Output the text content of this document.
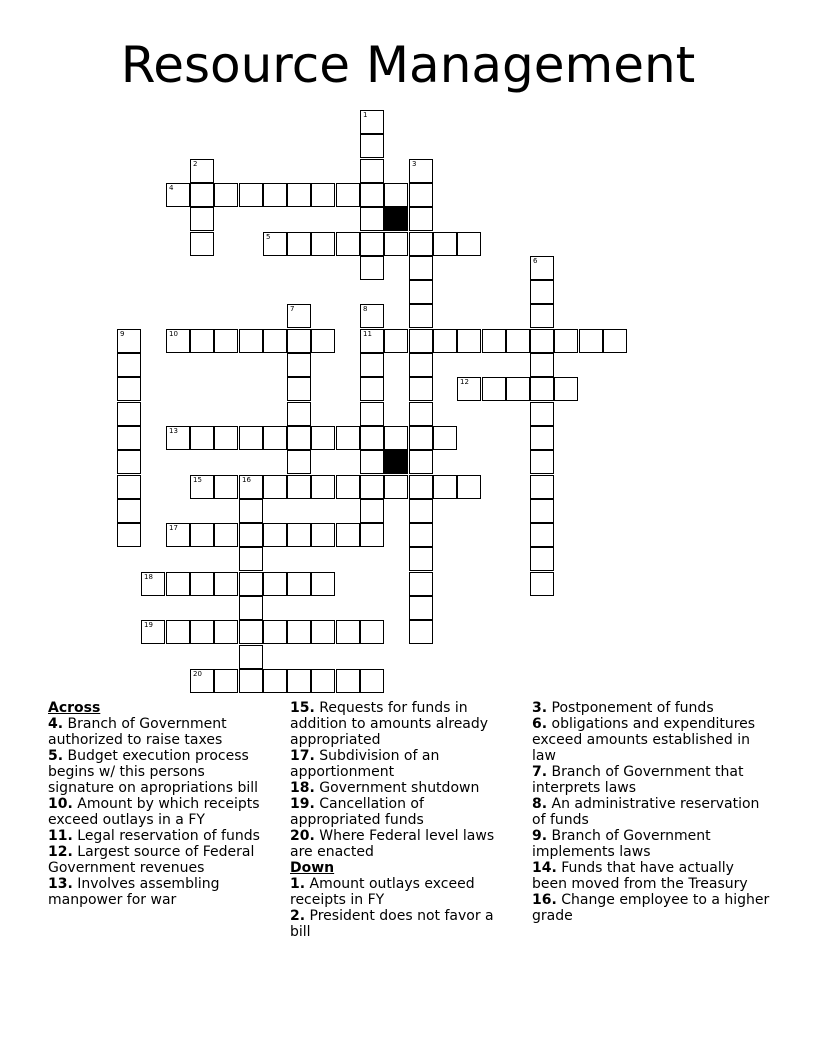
Resource Management
4
5
10	11
12
13
15	16
17
18
19
20
1
2	3
6
7	8
9
Across
4. Branch of Government authorized to raise taxes
5. Budget execution process begins w/ this persons signature on apropriations bill
10. Amount by which receipts exceed outlays in a FY
11. Legal reservation of funds
12. Largest source of Federal Government revenues
13. Involves assembling manpower for war
15. Requests for funds in addition to amounts already appropriated
17. Subdivision of an apportionment
18. Government shutdown
19. Cancellation of appropriated funds
20. Where Federal level laws are enacted
Down
1. Amount outlays exceed receipts in FY
2. President does not favor a bill
3. Postponement of funds
6. obligations and expenditures exceed amounts established in law
7. Branch of Government that interprets laws
8. An administrative reservation of funds
9. Branch of Government implements laws
14. Funds that have actually been moved from the Treasury
16. Change employee to a higher grade
